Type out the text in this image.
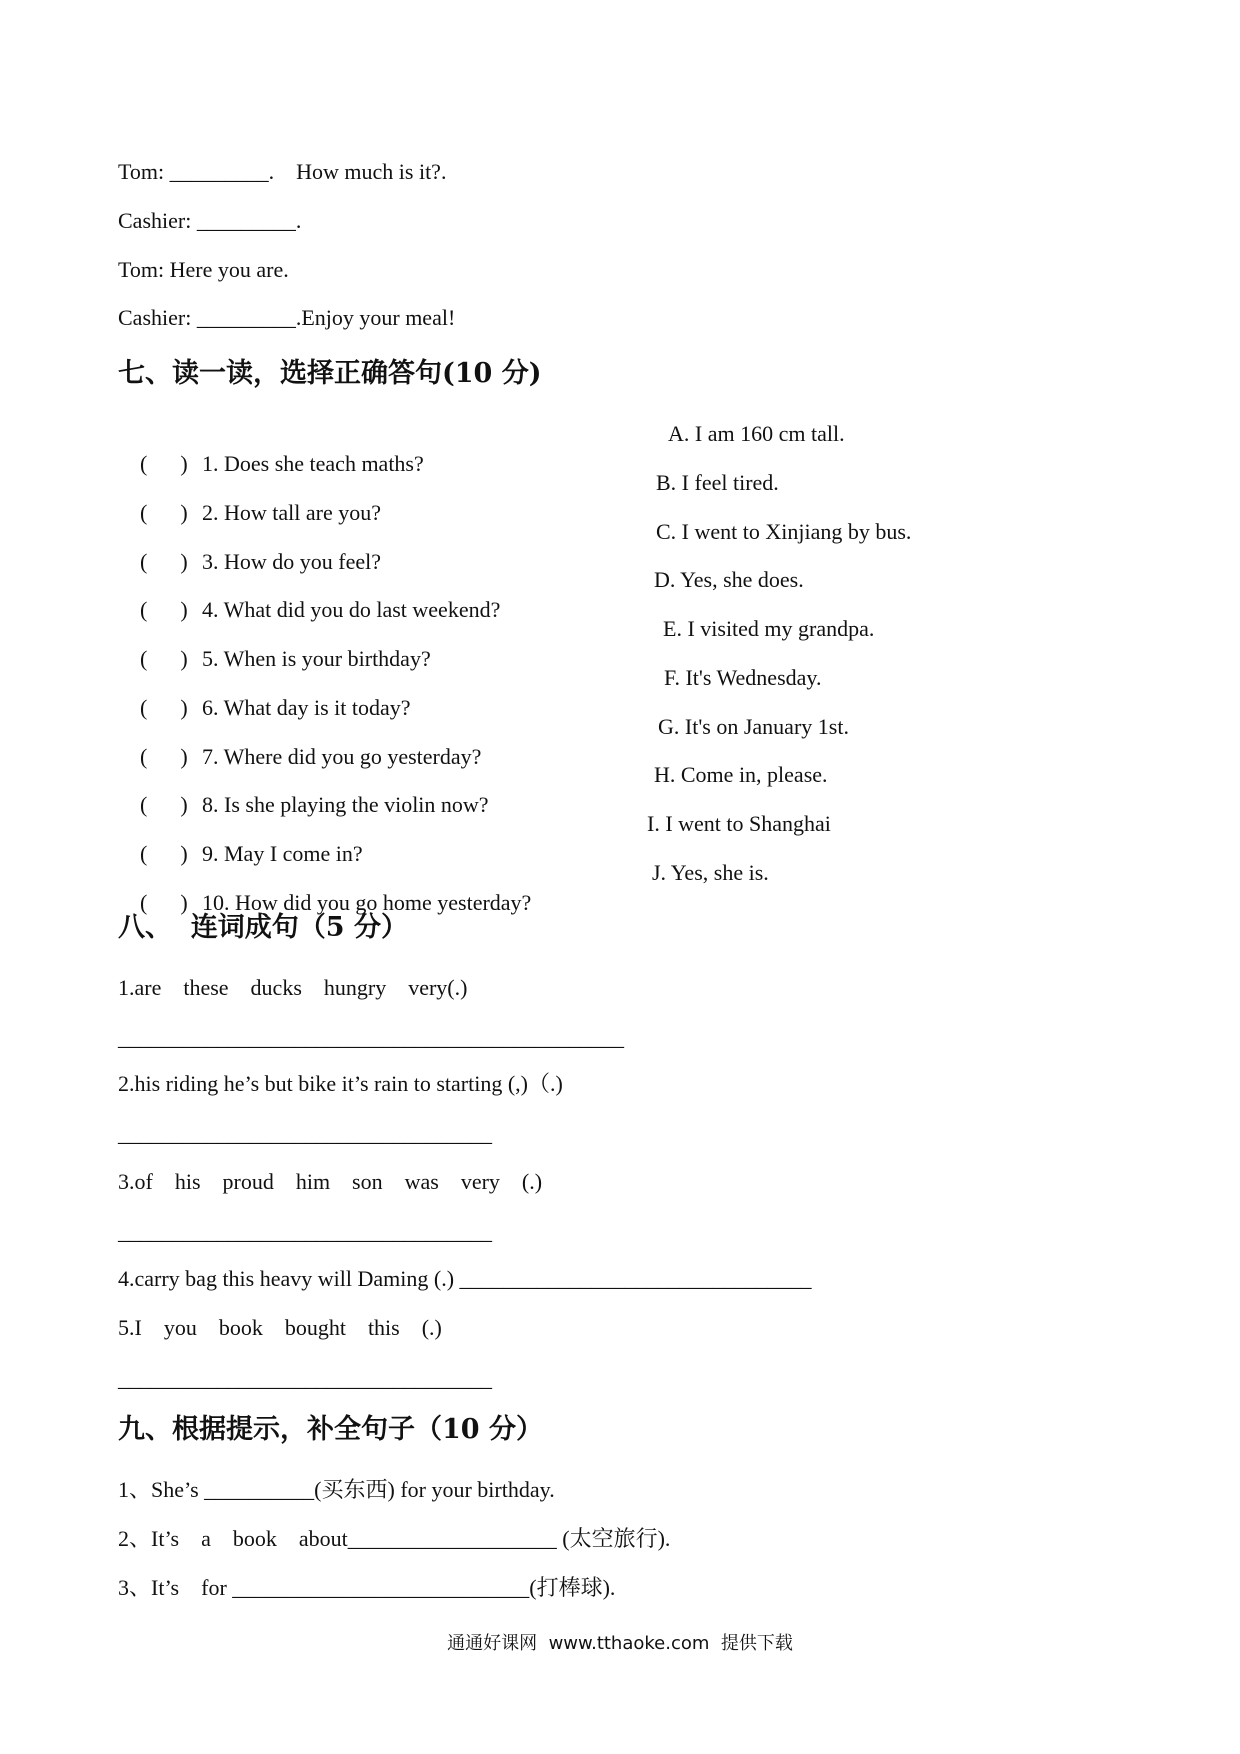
Tom: _________.    How much is it?.
Cashier: _________.
Tom: Here you are.
Cashier: _________.Enjoy your meal!
七、读一读，选择正确答句(10 分)

(      ) 1. Does she teach maths?

A. I am 160 cm tall.

(      ) 2. How tall are you?

B. I feel tired.

(      ) 3. How do you feel?

C. I went to Xinjiang by bus.

(      ) 4. What did you do last weekend?

D. Yes, she does.

(      ) 5. When is your birthday?

E. I visited my grandpa.

(      ) 6. What day is it today?

F. It's Wednesday.

(      ) 7. Where did you go yesterday?

G. It's on January 1st.

(      ) 8. Is she playing the violin now?

H. Come in, please.

(      ) 9. May I come in?

I. I went to Shanghai

(      ) 10. How did you go home yesterday?

J. Yes, she is.
八、  连词成句（5 分）
1.are    these    ducks    hungry    very(.)
______________________________________________
2.his riding he’s but bike it’s rain to starting (,)（.)
__________________________________
3.of    his    proud    him    son    was    very    (.)
__________________________________
4.carry bag this heavy will Daming (.) ________________________________
5.I    you    book    bought    this    (.)
__________________________________
九、根据提示，补全句子（10 分）
1、She’s __________(买东西) for your birthday.
2、It’s    a    book    about___________________ (太空旅行).
3、It’s    for ___________________________(打棒球).
通通好课网  www.tthaoke.com  提供下载
